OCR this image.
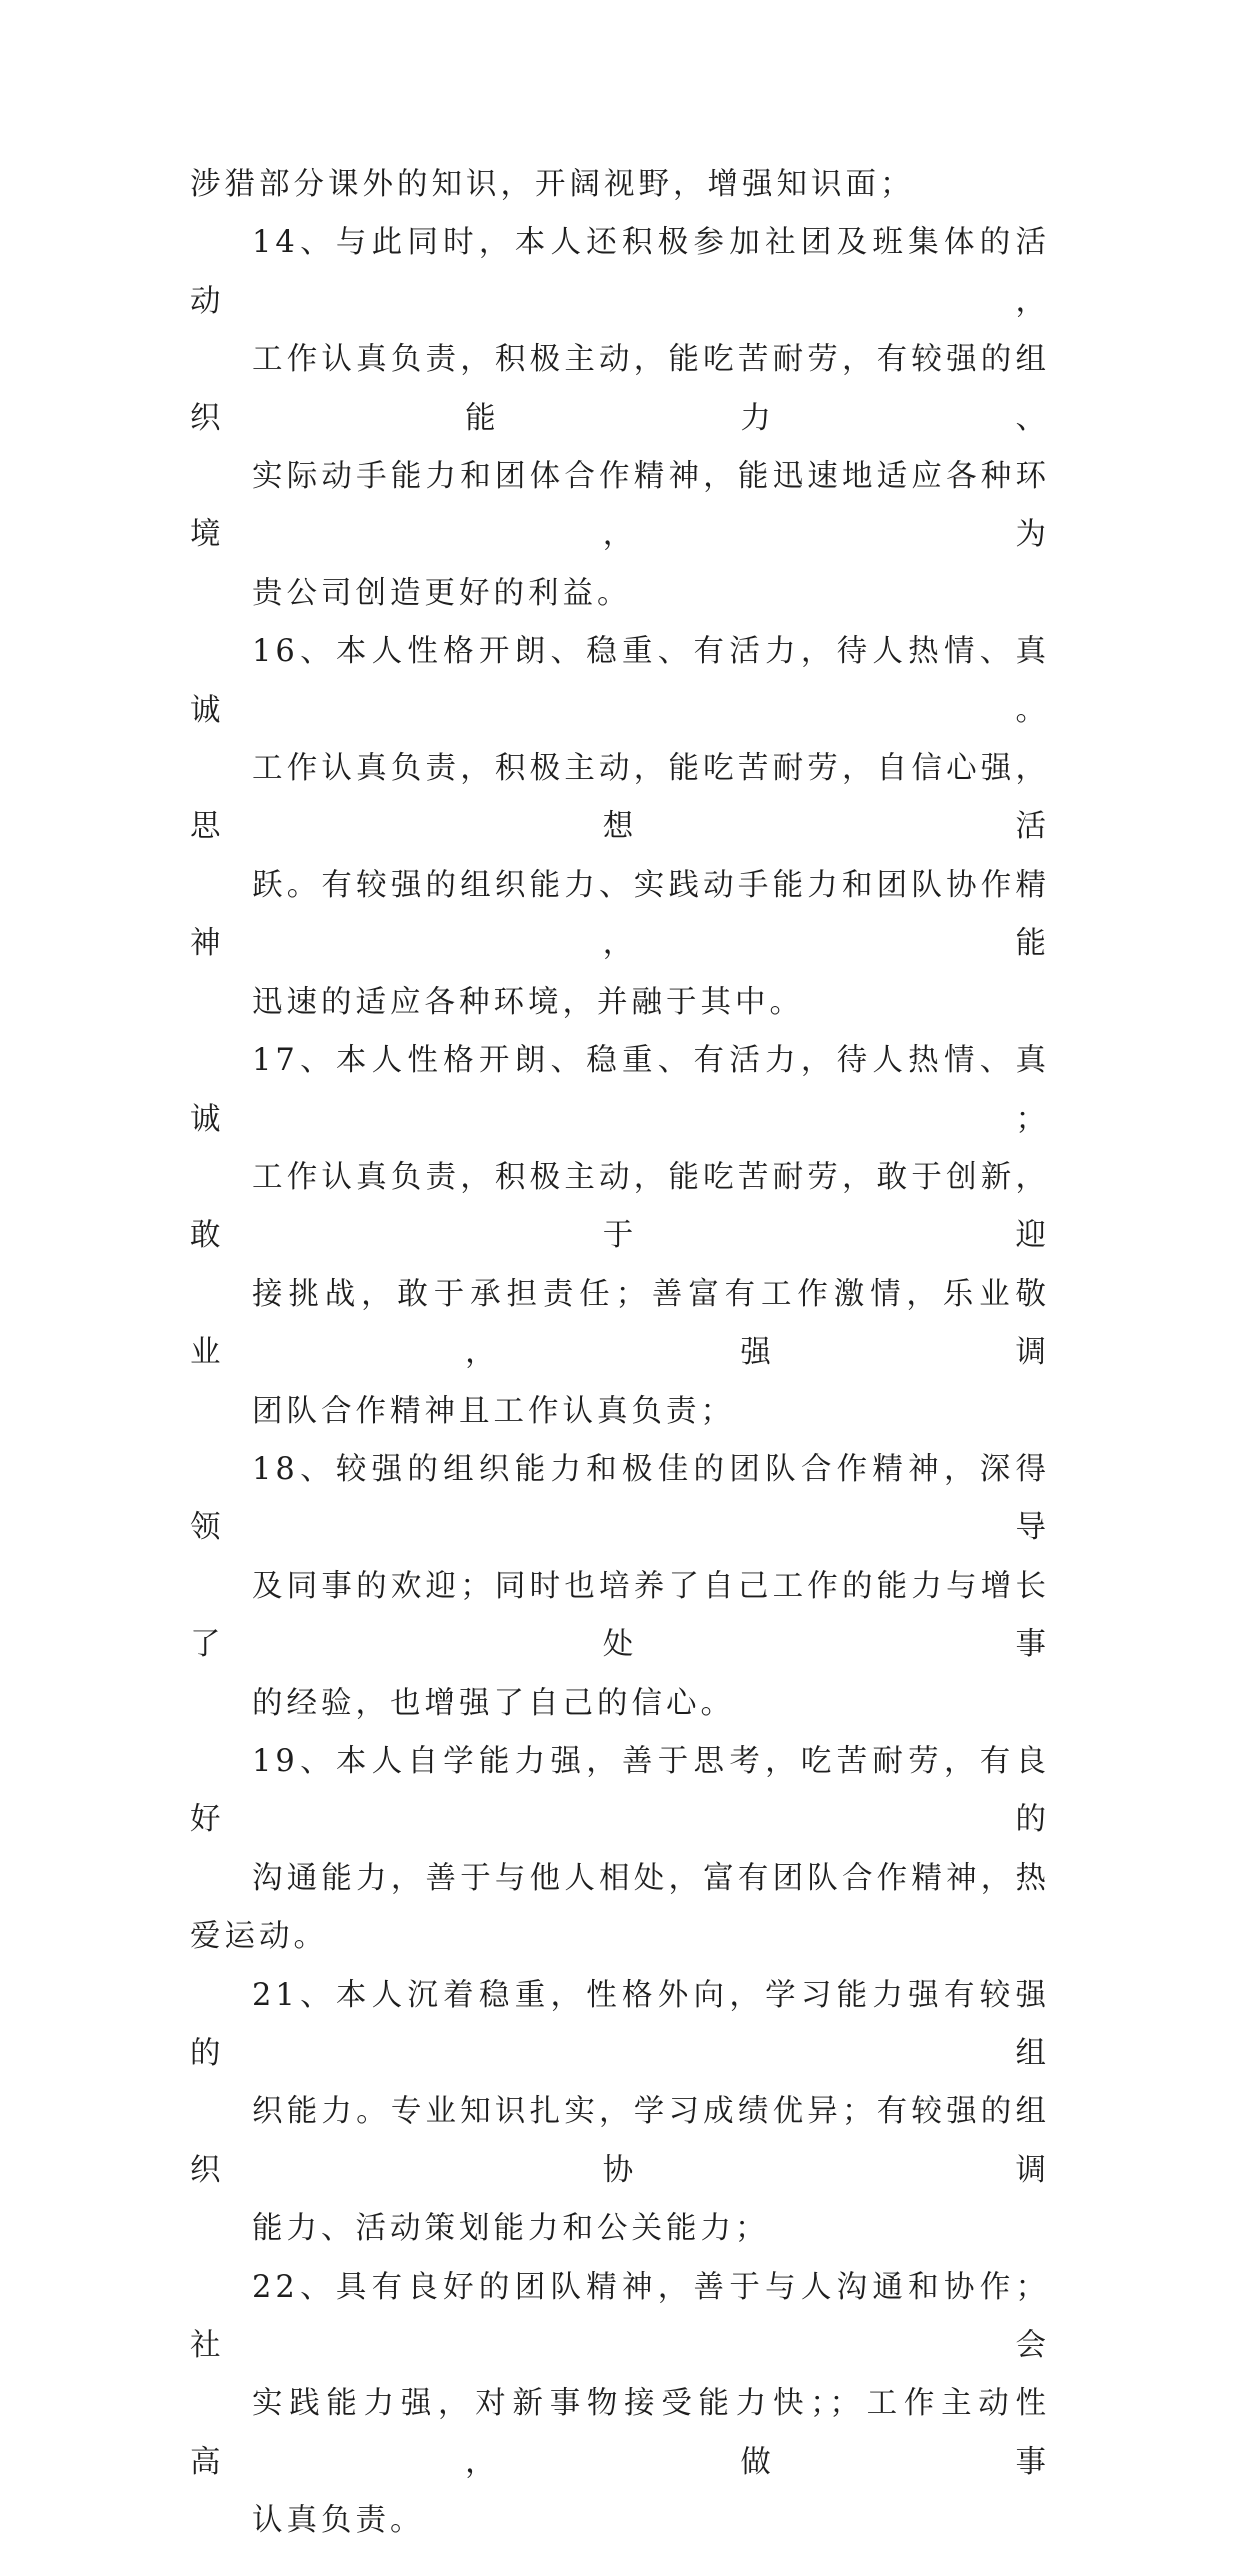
涉猎部分课外的知识，开阔视野，增强知识面；
14、与此同时，本人还积极参加社团及班集体的活动，
工作认真负责，积极主动，能吃苦耐劳，有较强的组织能力、
实际动手能力和团体合作精神，能迅速地适应各种环境，为
贵公司创造更好的利益。
16、本人性格开朗、稳重、有活力，待人热情、真诚。
工作认真负责，积极主动，能吃苦耐劳，自信心强，思想活
跃。有较强的组织能力、实践动手能力和团队协作精神，能
迅速的适应各种环境，并融于其中。
17、本人性格开朗、稳重、有活力，待人热情、真诚；
工作认真负责，积极主动，能吃苦耐劳，敢于创新，敢于迎
接挑战，敢于承担责任；善富有工作激情，乐业敬业，强调
团队合作精神且工作认真负责；
18、较强的组织能力和极佳的团队合作精神，深得领导
及同事的欢迎；同时也培养了自己工作的能力与增长了处事
的经验，也增强了自己的信心。
19、本人自学能力强，善于思考，吃苦耐劳，有良好的
沟通能力，善于与他人相处，富有团队合作精神，热爱运动。
21、本人沉着稳重，性格外向，学习能力强有较强的组
织能力。专业知识扎实，学习成绩优异；有较强的组织协调
能力、活动策划能力和公关能力；
22、具有良好的团队精神，善于与人沟通和协作；社会
实践能力强，对新事物接受能力快；；工作主动性高，做事
认真负责。
